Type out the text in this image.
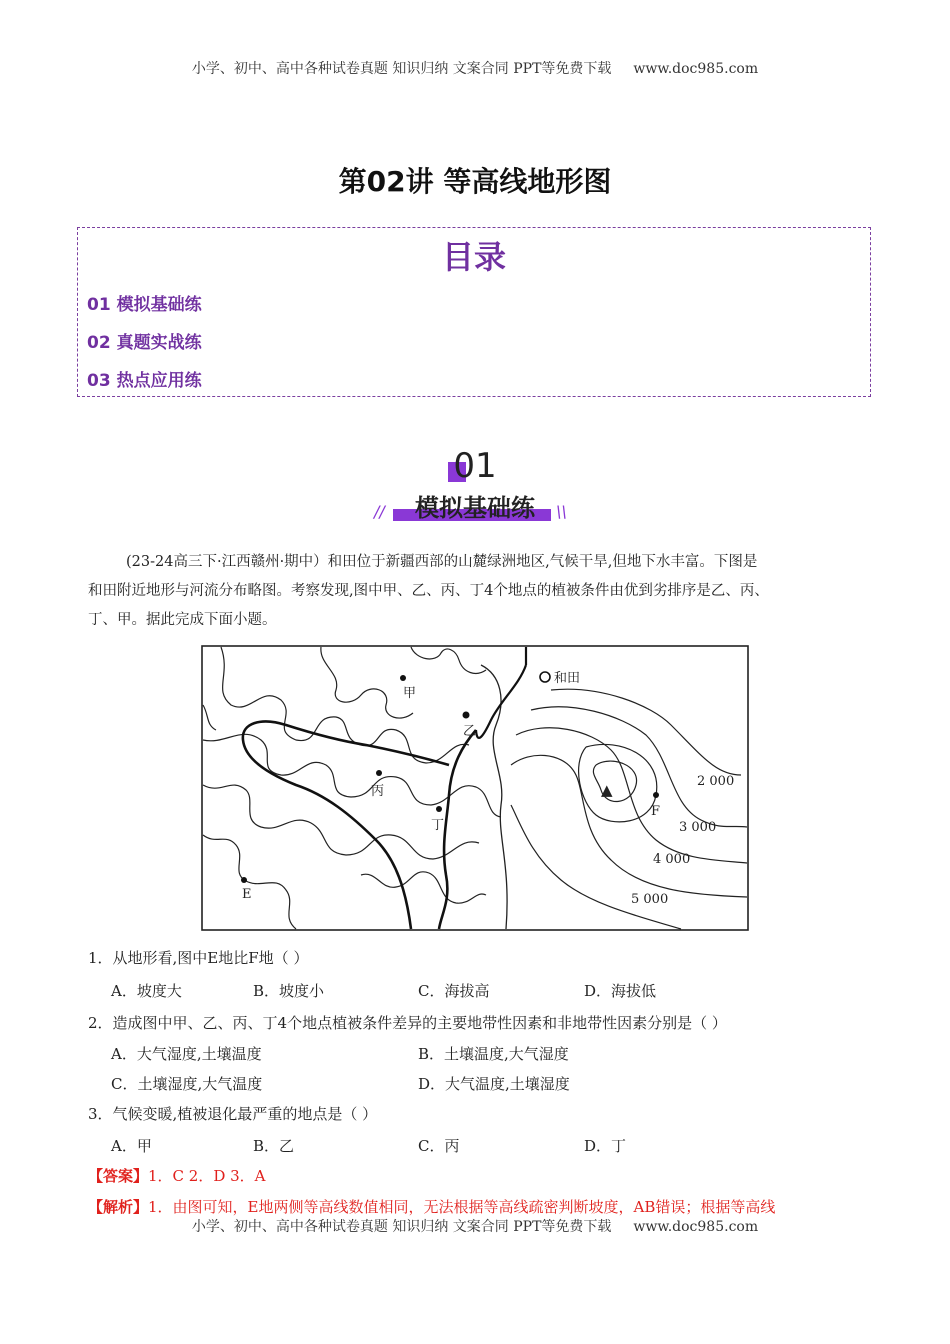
小学、初中、高中各种试卷真题 知识归纳 文案合同 PPT等免费下载 www.doc985.com
第02讲 等高线地形图
目录
01 模拟基础练
02 真题实战练
03 热点应用练
01
模拟基础练
//	\\
(23-24高三下·江西赣州·期中）和田位于新疆西部的山麓绿洲地区,气候干旱,但地下水丰富。下图是
和田附近地形与河流分布略图。考察发现,图中甲、乙、丙、丁4个地点的植被条件由优到劣排序是乙、丙、
丁、甲。据此完成下面小题。
甲
乙
丙
丁
和田
E
F
▲	2 000
3 000
4 000
5 000
1．从地形看,图中E地比F地（ ）
A．坡度大	B．坡度小	C．海拔高	D．海拔低
2．造成图中甲、乙、丙、丁4个地点植被条件差异的主要地带性因素和非地带性因素分别是（ ）
A．大气湿度,土壤温度	B．土壤温度,大气湿度
C．土壤湿度,大气温度	D．大气温度,土壤湿度
3．气候变暖,植被退化最严重的地点是（ ）
A．甲	B．乙	C．丙	D．丁
【答案】1．C 2．D 3．A
【解析】1．由图可知，E地两侧等高线数值相同，无法根据等高线疏密判断坡度，AB错误；根据等高线
小学、初中、高中各种试卷真题 知识归纳 文案合同 PPT等免费下载 www.doc985.com
